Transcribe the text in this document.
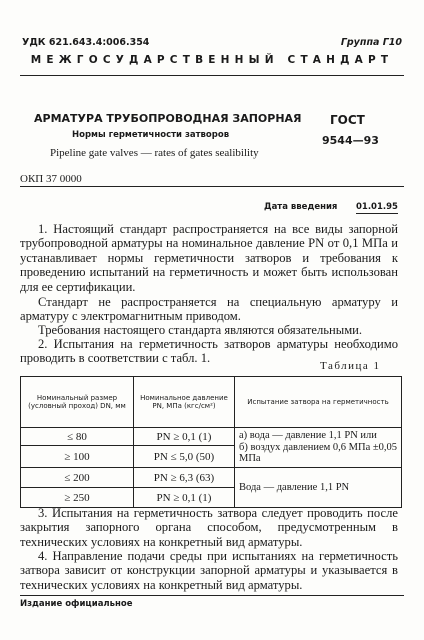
УДК 621.643.4:006.354	Группа Г10
МЕЖГОСУДАРСТВЕННЫЙ СТАНДАРТ
АРМАТУРА ТРУБОПРОВОДНАЯ ЗАПОРНАЯ
Нормы герметичности затворов
Pipeline gate valves — rates of gates sealibility
ГОСТ
9544—93
ОКП 37 0000
Дата введения 01.01.95
1. Настоящий стандарт распространяется на все виды запорной трубопроводной арматуры на номинальное давление PN от 0,1 МПа и устанавливает нормы герметичности затворов и требования к проведению испытаний на герметичность и может быть использован для ее сертификации.
Стандарт не распространяется на специальную арматуру и арматуру с электромагнитным приводом.
Требования настоящего стандарта являются обязательными.
2. Испытания на герметичность затворов арматуры необходимо проводить в соответствии с табл. 1.
Таблица 1
Номинальный размер (условный проход) DN, мм	Номинальное давление PN, МПа (кгс/см²)	Испытание затвора на герметичность
≤ 80	PN ≥ 0,1 (1)	а) вода — давление 1,1 PN или
б) воздух давлением 0,6 МПа ±0,05 МПа

≥ 100	PN ≤ 5,0 (50)	
≤ 200	PN ≥ 6,3 (63)	Вода — давление 1,1 PN
≥ 250	PN ≥ 0,1 (1)	
3. Испытания на герметичность затвора следует проводить после закрытия запорного органа способом, предусмотренным в технических условиях на конкретный вид арматуры.
4. Направление подачи среды при испытаниях на герметичность затвора зависит от конструкции запорной арматуры и указывается в технических условиях на конкретный вид арматуры.
Издание официальное
